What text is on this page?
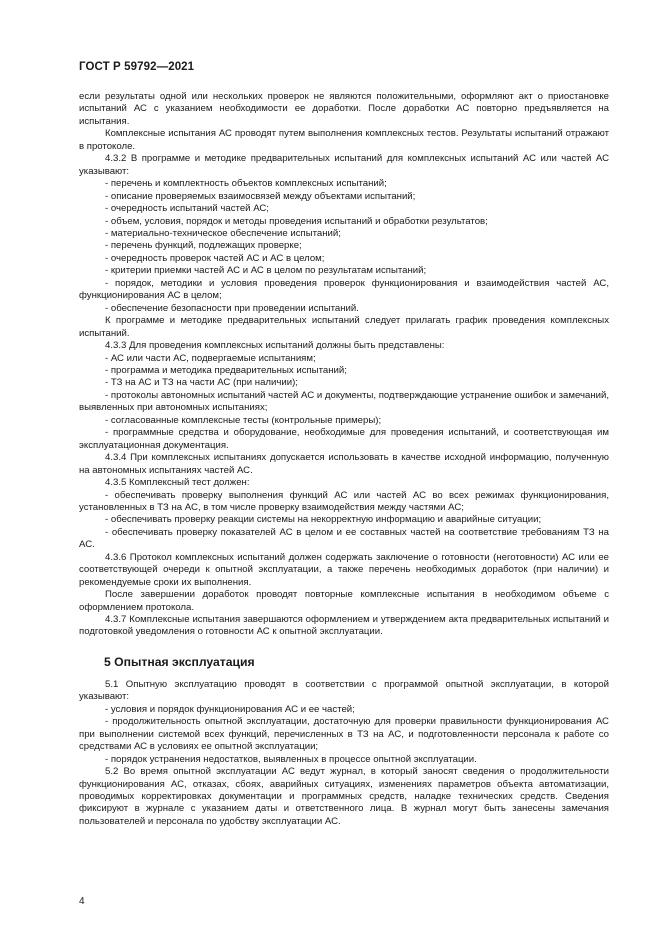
ГОСТ Р 59792—2021

если результаты одной или нескольких проверок не являются положительными, оформляют акт о приостановке испытаний АС с указанием необходимости ее доработки. После доработки АС повторно предъявляется на испытания.

Комплексные испытания АС проводят путем выполнения комплексных тестов. Результаты испытаний отражают в протоколе.

4.3.2 В программе и методике предварительных испытаний для комплексных испытаний АС или частей АС указывают:

- перечень и комплектность объектов комплексных испытаний;

- описание проверяемых взаимосвязей между объектами испытаний;

- очередность испытаний частей АС;

- объем, условия, порядок и методы проведения испытаний и обработки результатов;

- материально-техническое обеспечение испытаний;

- перечень функций, подлежащих проверке;

- очередность проверок частей АС и АС в целом;

- критерии приемки частей АС и АС в целом по результатам испытаний;

- порядок, методики и условия проведения проверок функционирования и взаимодействия частей АС, функционирования АС в целом;

- обеспечение безопасности при проведении испытаний.

К программе и методике предварительных испытаний следует прилагать график проведения комплексных испытаний.

4.3.3 Для проведения комплексных испытаний должны быть представлены:

- АС или части АС, подвергаемые испытаниям;

- программа и методика предварительных испытаний;

- ТЗ на АС и ТЗ на части АС (при наличии);

- протоколы автономных испытаний частей АС и документы, подтверждающие устранение ошибок и замечаний, выявленных при автономных испытаниях;

- согласованные комплексные тесты (контрольные примеры);

- программные средства и оборудование, необходимые для проведения испытаний, и соответствующая им эксплуатационная документация.

4.3.4 При комплексных испытаниях допускается использовать в качестве исходной информацию, полученную на автономных испытаниях частей АС.

4.3.5 Комплексный тест должен:

- обеспечивать проверку выполнения функций АС или частей АС во всех режимах функционирования, установленных в ТЗ на АС, в том числе проверку взаимодействия между частями АС;

- обеспечивать проверку реакции системы на некорректную информацию и аварийные ситуации;

- обеспечивать проверку показателей АС в целом и ее составных частей на соответствие требованиям ТЗ на АС.

4.3.6 Протокол комплексных испытаний должен содержать заключение о готовности (неготовности) АС или ее соответствующей очереди к опытной эксплуатации, а также перечень необходимых доработок (при наличии) и рекомендуемые сроки их выполнения.

После завершении доработок проводят повторные комплексные испытания в необходимом объеме с оформлением протокола.

4.3.7 Комплексные испытания завершаются оформлением и утверждением акта предварительных испытаний и подготовкой уведомления о готовности АС к опытной эксплуатации.

5 Опытная эксплуатация

5.1 Опытную эксплуатацию проводят в соответствии с программой опытной эксплуатации, в которой указывают:

- условия и порядок функционирования АС и ее частей;

- продолжительность опытной эксплуатации, достаточную для проверки правильности функционирования АС при выполнении системой всех функций, перечисленных в ТЗ на АС, и подготовленности персонала к работе со средствами АС в условиях ее опытной эксплуатации;

- порядок устранения недостатков, выявленных в процессе опытной эксплуатации.

5.2 Во время опытной эксплуатации АС ведут журнал, в который заносят сведения о продолжительности функционирования АС, отказах, сбоях, аварийных ситуациях, изменениях параметров объекта автоматизации, проводимых корректировках документации и программных средств, наладке технических средств. Сведения фиксируют в журнале с указанием даты и ответственного лица. В журнал могут быть занесены замечания пользователей и персонала по удобству эксплуатации АС.

4
